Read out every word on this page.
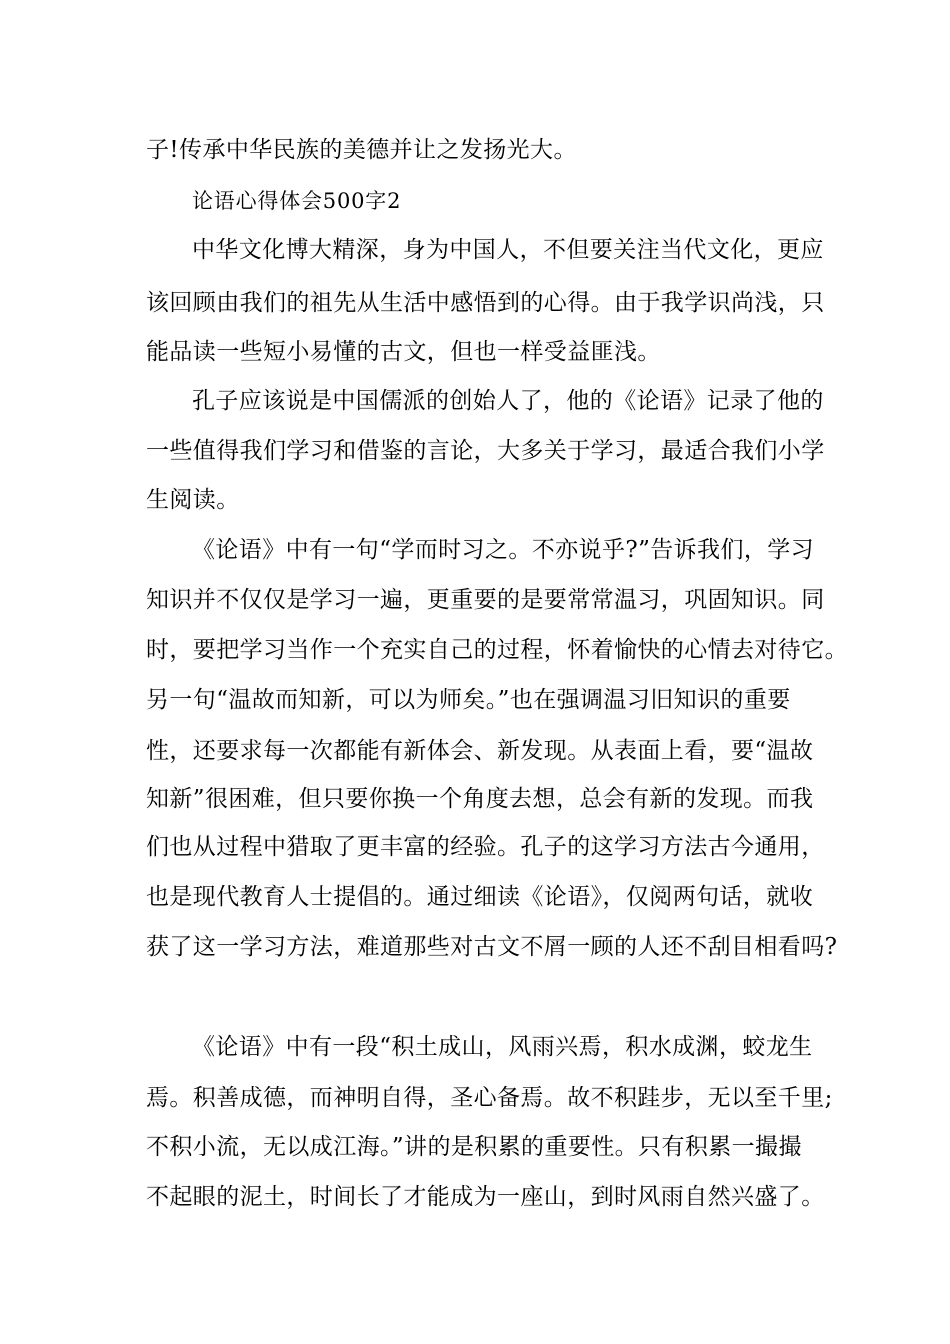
子!传承中华民族的美德并让之发扬光大。
论语心得体会500字2
中华文化博大精深，身为中国人，不但要关注当代文化，更应
该回顾由我们的祖先从生活中感悟到的心得。由于我学识尚浅，只
能品读一些短小易懂的古文，但也一样受益匪浅。
孔子应该说是中国儒派的创始人了，他的《论语》记录了他的
一些值得我们学习和借鉴的言论，大多关于学习，最适合我们小学
生阅读。
《论语》中有一句“学而时习之。不亦说乎?”告诉我们，学习
知识并不仅仅是学习一遍，更重要的是要常常温习，巩固知识。同
时，要把学习当作一个充实自己的过程，怀着愉快的心情去对待它。
另一句“温故而知新，可以为师矣。”也在强调温习旧知识的重要
性，还要求每一次都能有新体会、新发现。从表面上看，要“温故
知新”很困难，但只要你换一个角度去想，总会有新的发现。而我
们也从过程中猎取了更丰富的经验。孔子的这学习方法古今通用，
也是现代教育人士提倡的。通过细读《论语》，仅阅两句话，就收
获了这一学习方法，难道那些对古文不屑一顾的人还不刮目相看吗?
《论语》中有一段“积土成山，风雨兴焉，积水成渊，蛟龙生
焉。积善成德，而神明自得，圣心备焉。故不积跬步，无以至千里;
不积小流，无以成江海。”讲的是积累的重要性。只有积累一撮撮
不起眼的泥土，时间长了才能成为一座山，到时风雨自然兴盛了。
